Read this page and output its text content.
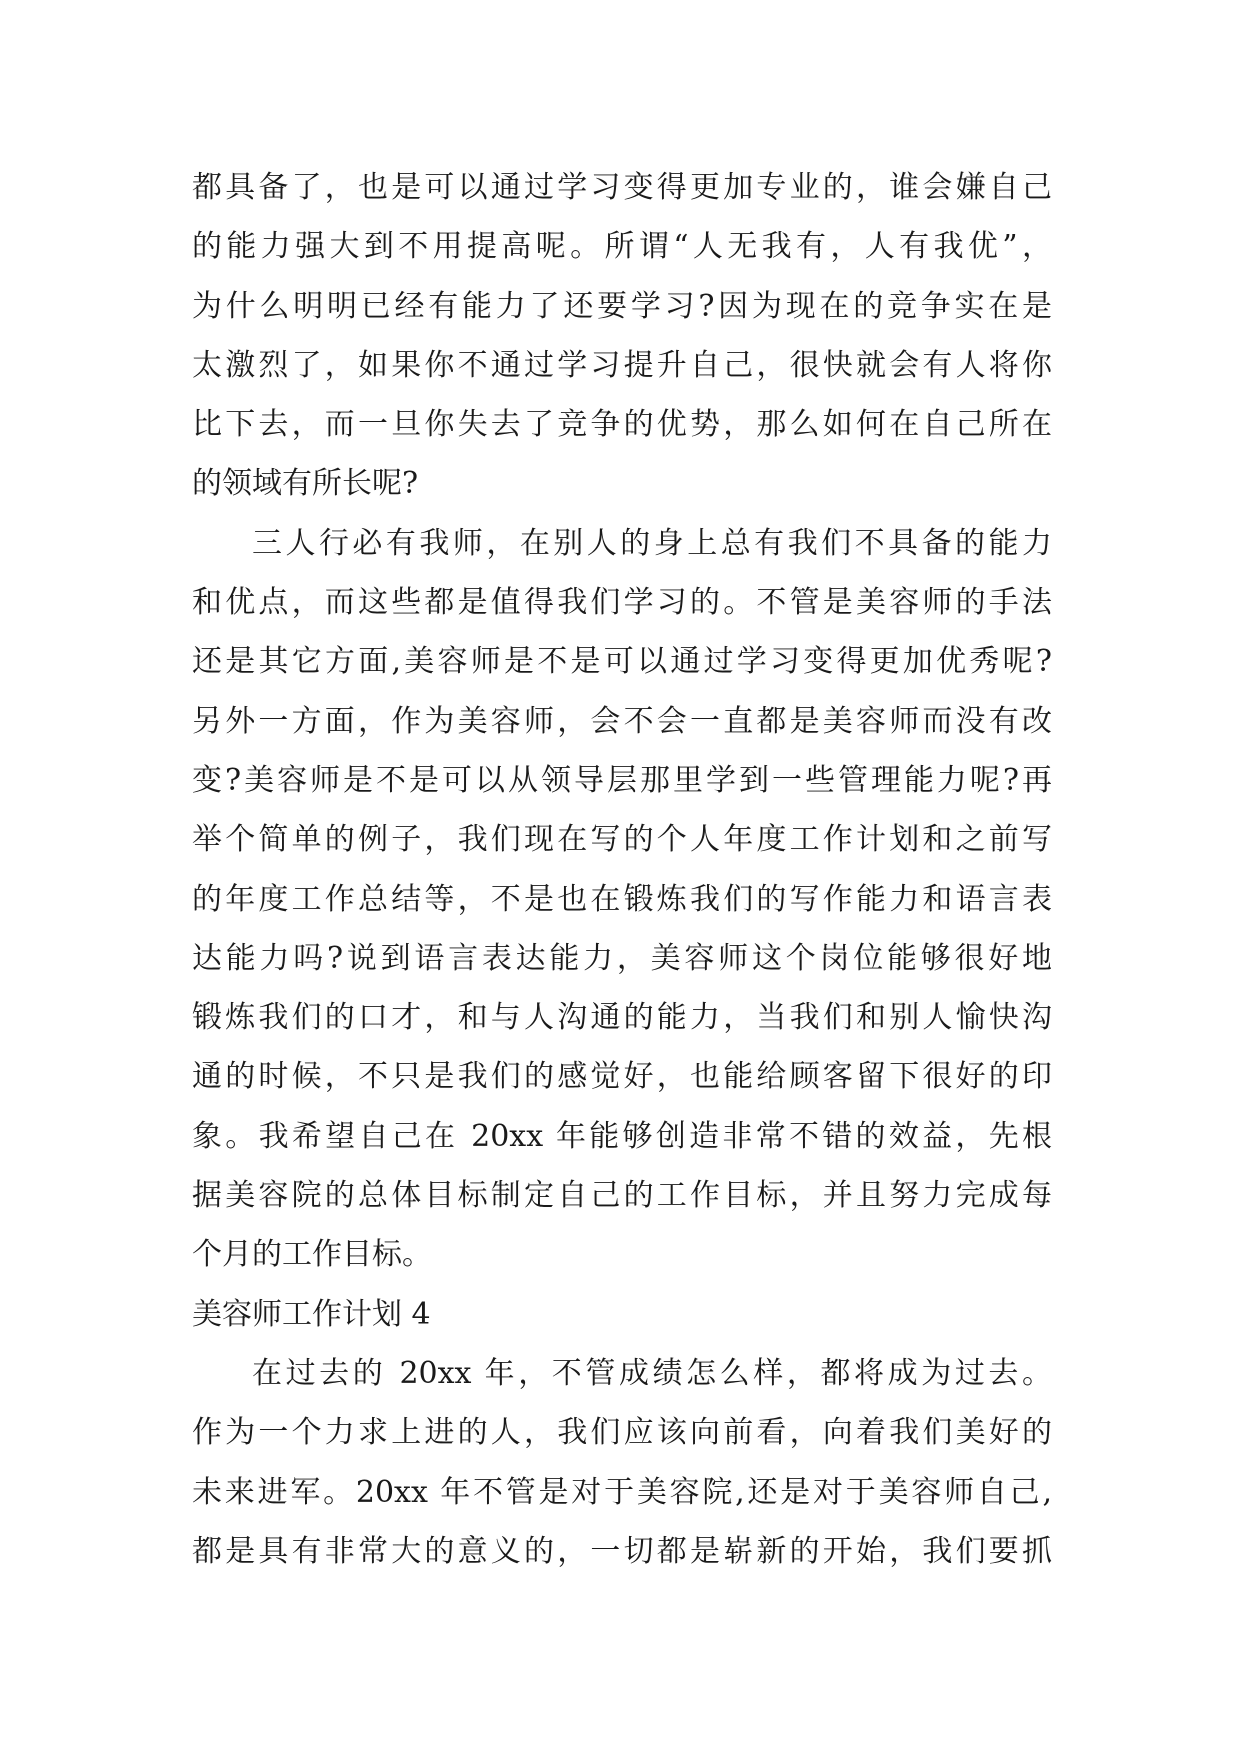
都具备了，也是可以通过学习变得更加专业的，谁会嫌自己
的能力强大到不用提高呢。所谓“人无我有，人有我优”，
为什么明明已经有能力了还要学习?因为现在的竞争实在是
太激烈了，如果你不通过学习提升自己，很快就会有人将你
比下去，而一旦你失去了竞争的优势，那么如何在自己所在
的领域有所长呢?
三人行必有我师，在别人的身上总有我们不具备的能力
和优点，而这些都是值得我们学习的。不管是美容师的手法
还是其它方面,美容师是不是可以通过学习变得更加优秀呢?
另外一方面，作为美容师，会不会一直都是美容师而没有改
变?美容师是不是可以从领导层那里学到一些管理能力呢?再
举个简单的例子，我们现在写的个人年度工作计划和之前写
的年度工作总结等，不是也在锻炼我们的写作能力和语言表
达能力吗?说到语言表达能力，美容师这个岗位能够很好地
锻炼我们的口才，和与人沟通的能力，当我们和别人愉快沟
通的时候，不只是我们的感觉好，也能给顾客留下很好的印
象。我希望自己在 20xx 年能够创造非常不错的效益，先根
据美容院的总体目标制定自己的工作目标，并且努力完成每
个月的工作目标。
美容师工作计划 4
在过去的 20xx 年，不管成绩怎么样，都将成为过去。
作为一个力求上进的人，我们应该向前看，向着我们美好的
未来进军。20xx 年不管是对于美容院,还是对于美容师自己,
都是具有非常大的意义的，一切都是崭新的开始，我们要抓
